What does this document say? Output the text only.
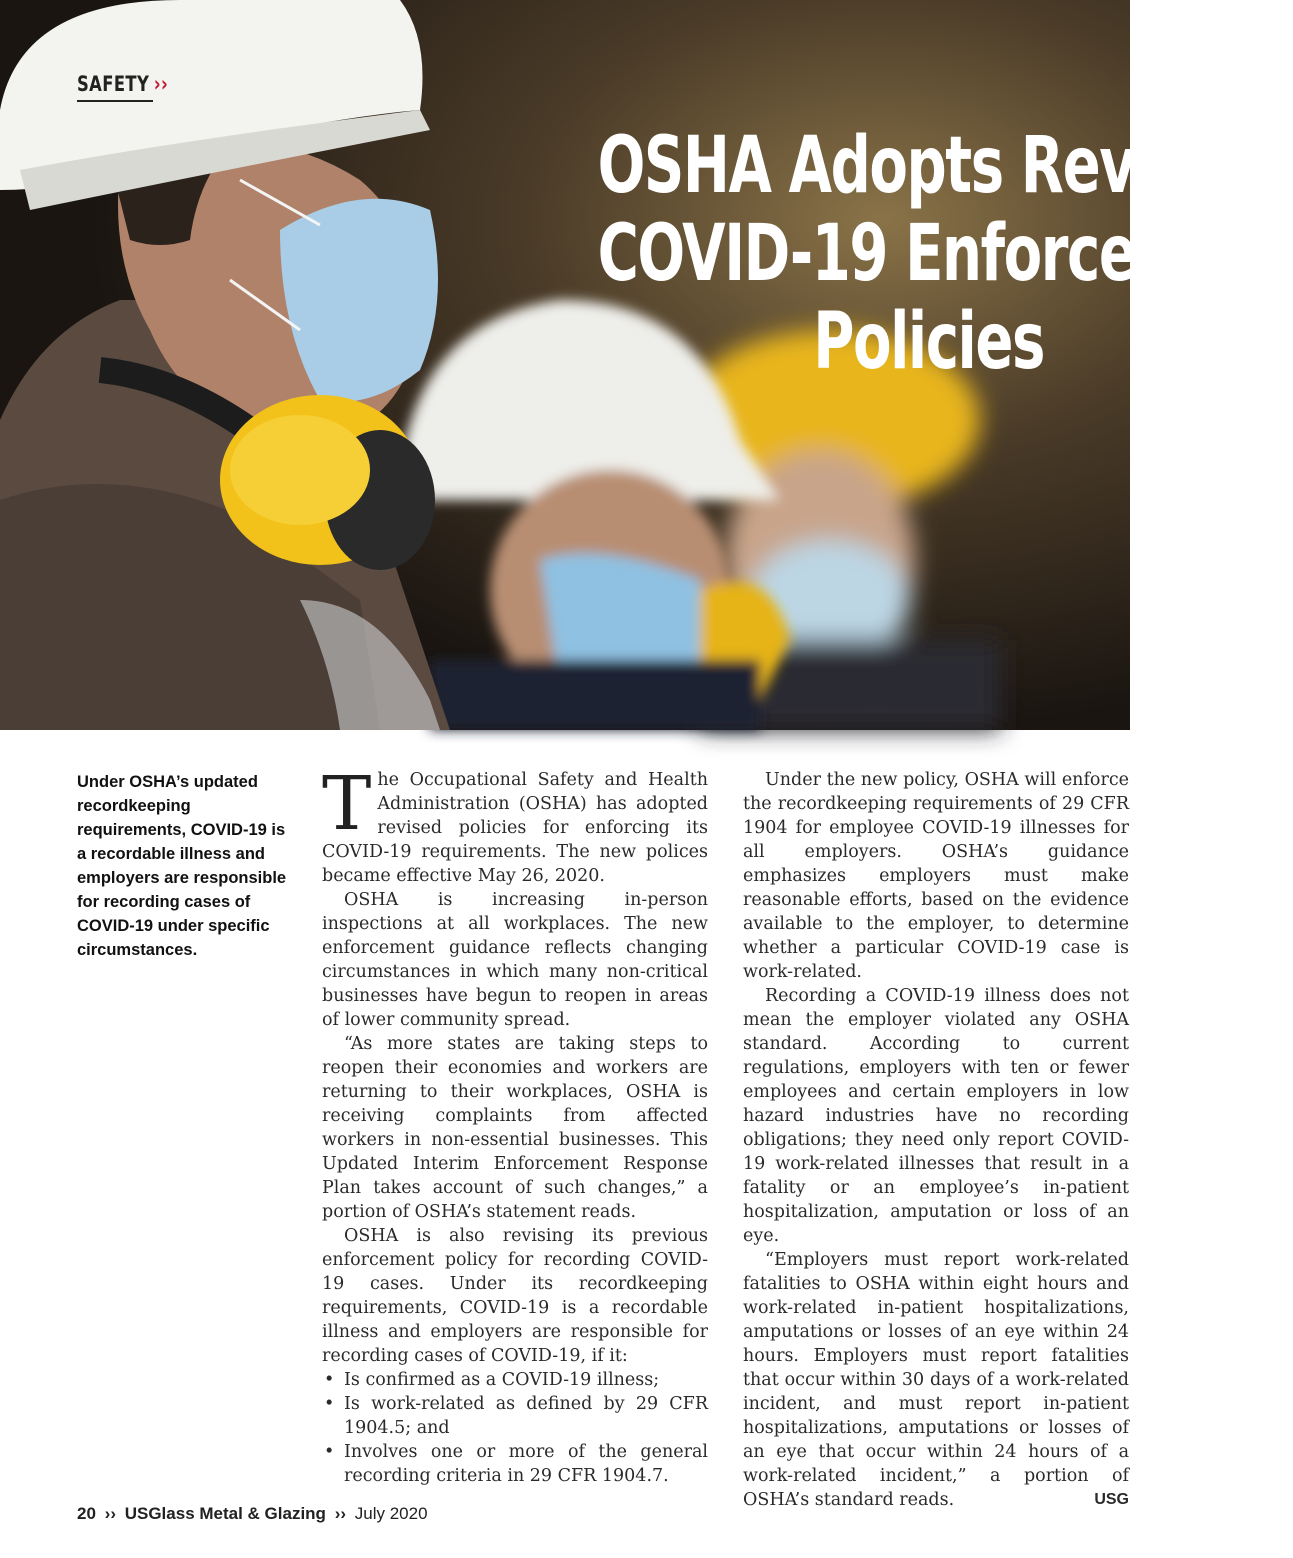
SAFETY ››
OSHA Adopts Revised
COVID-19 Enforcement
Policies
Under OSHA’s updated recordkeeping requirements, COVID-19 is a recordable illness and employers are responsible for recording cases of COVID-19 under specific circumstances.

The Occupational Safety and Health Administration (OSHA) has adopted revised policies for enforcing its COVID-19 requirements. The new polices became effective May 26, 2020.

OSHA is increasing in-person inspections at all workplaces. The new enforcement guidance reflects changing circumstances in which many non-critical businesses have begun to reopen in areas of lower community spread.

“As more states are taking steps to reopen their economies and workers are returning to their workplaces, OSHA is receiving complaints from affected workers in non-essential businesses. This Updated Interim Enforcement Response Plan takes account of such changes,” a portion of OSHA’s statement reads.

OSHA is also revising its previous enforcement policy for recording COVID-19 cases. Under its recordkeeping requirements, COVID-19 is a recordable illness and employers are responsible for recording cases of COVID-19, if it:

• Is confirmed as a COVID-19 illness;
• Is work-related as defined by 29 CFR 1904.5; and
• Involves one or more of the general recording criteria in 29 CFR 1904.7.

Under the new policy, OSHA will enforce the recordkeeping requirements of 29 CFR 1904 for employee COVID-19 illnesses for all employers. OSHA’s guidance emphasizes employers must make reasonable efforts, based on the evidence available to the employer, to determine whether a particular COVID-19 case is work-related.

Recording a COVID-19 illness does not mean the employer violated any OSHA standard. According to current regulations, employers with ten or fewer employees and certain employers in low hazard industries have no recording obligations; they need only report COVID-19 work-related illnesses that result in a fatality or an employee’s in-patient hospitalization, amputation or loss of an eye.

“Employers must report work-related fatalities to OSHA within eight hours and work-related in-patient hospitalizations, amputations or losses of an eye within 24 hours. Employers must report fatalities that occur within 30 days of a work-related incident, and must report in-patient hospitalizations, amputations or losses of an eye that occur within 24 hours of a work-related incident,” a portion of OSHA’s standard reads.	USG

20 ›› USGlass Metal & Glazing ›› July 2020
